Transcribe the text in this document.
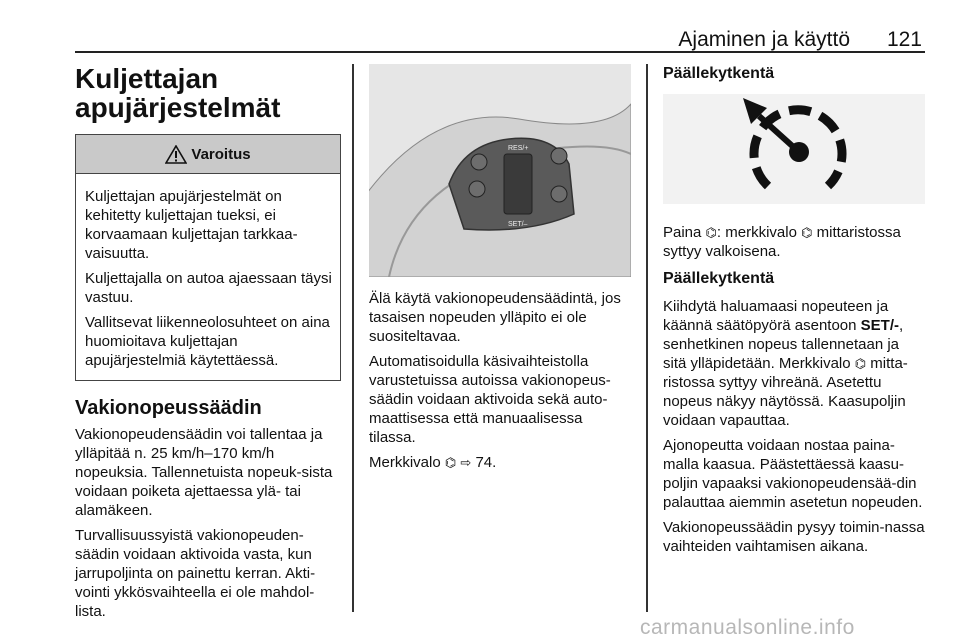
Ajaminen ja käyttö	121
Kuljettajan apujärjestelmät
Varoitus

Kuljettajan apujärjestelmät on kehitetty kuljettajan tueksi, ei korvaamaan kuljettajan tarkkaa-vaisuutta.

Kuljettajalla on autoa ajaessaan täysi vastuu.

Vallitsevat liikenneolosuhteet on aina huomioitava kuljettajan apujärjestelmiä käytettäessä.

Vakionopeussäädin

Vakionopeudensäädin voi tallentaa ja ylläpitää n. 25 km/h–170 km/h nopeuksia. Tallennetuista nopeuk-sista voidaan poiketa ajettaessa ylä- tai alamäkeen.

Turvallisuussyistä vakionopeuden-säädin voidaan aktivoida vasta, kun jarrupoljinta on painettu kerran. Akti-vointi ykkösvaihteella ei ole mahdol-lista.

RES/+
SET/–

Älä käytä vakionopeudensäädintä, jos tasaisen nopeuden ylläpito ei ole suositeltavaa.

Automatisoidulla käsivaihteistolla varustetuissa autoissa vakionopeus-säädin voidaan aktivoida sekä auto-maattisessa että manuaalisessa tilassa.

Merkkivalo ⌬ ⇨ 74.

Päällekytkentä

Paina ⌬: merkkivalo ⌬ mittaristossa syttyy valkoisena.

Päällekytkentä

Kiihdytä haluamaasi nopeuteen ja käännä säätöpyörä asentoon SET/-, senhetkinen nopeus tallennetaan ja sitä ylläpidetään. Merkkivalo ⌬ mitta-ristossa syttyy vihreänä. Asetettu nopeus näkyy näytössä. Kaasupoljin voidaan vapauttaa.

Ajonopeutta voidaan nostaa paina-malla kaasua. Päästettäessä kaasu-poljin vapaaksi vakionopeudensää-din palauttaa aiemmin asetetun nopeuden.

Vakionopeussäädin pysyy toimin-nassa vaihteiden vaihtamisen aikana.

carmanualsonline.info
